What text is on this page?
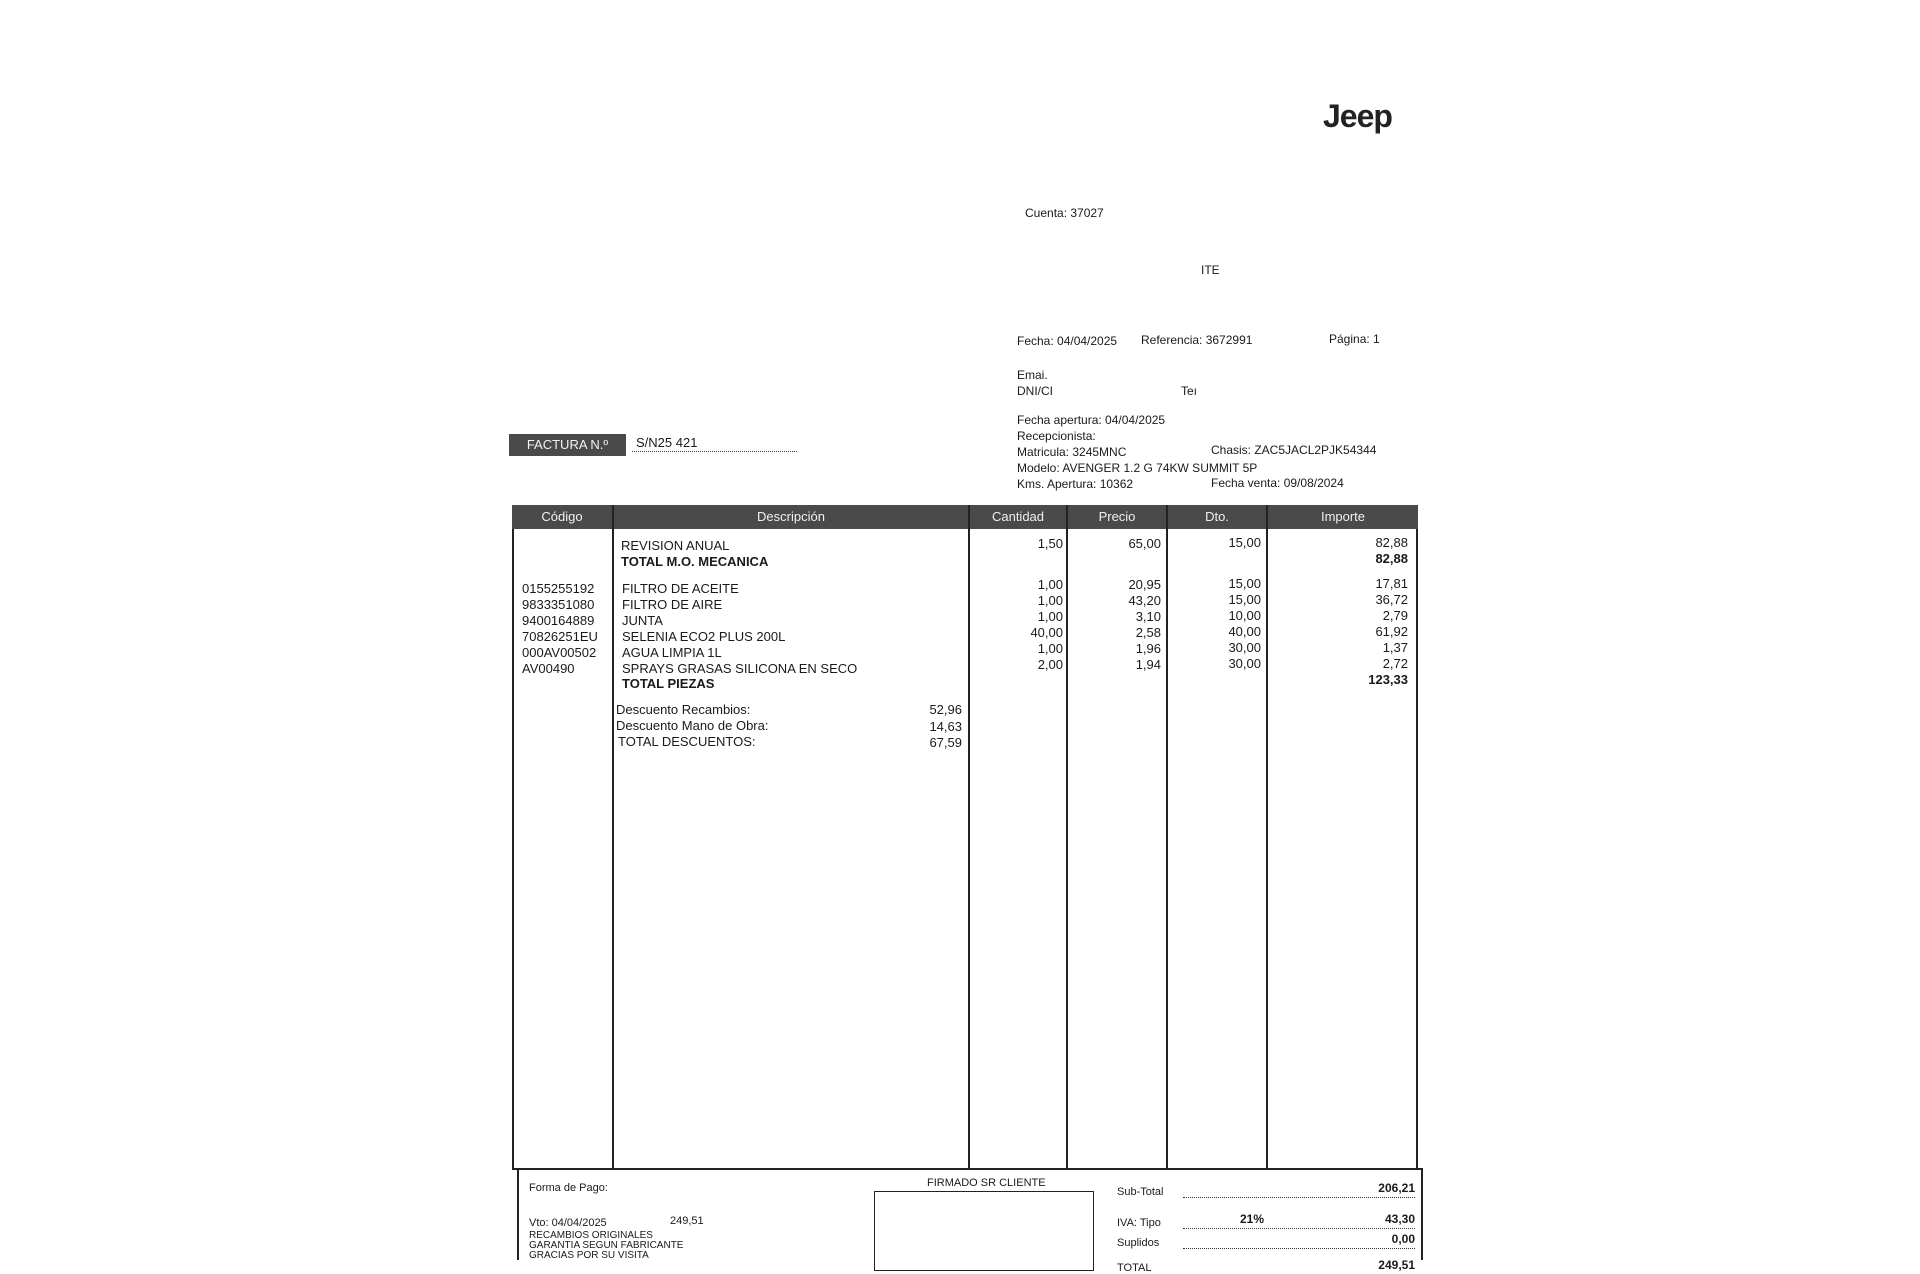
Jeep
Cuenta: 37027
ITE
Fecha: 04/04/2025 Referencia: 3672991	Página: 1
Emai.
DNI/CI	Teı
Fecha apertura: 04/04/2025
Recepcionista:
Matricula: 3245MNC	Chasis: ZAC5JACL2PJK54344
Modelo: AVENGER 1.2 G 74KW SUMMIT 5P
Kms. Apertura: 10362	Fecha venta: 09/08/2024
FACTURA N.º	S/N25 421
Código	Descripción	Cantidad	Precio	Dto.	Importe
REVISION ANUAL	1,50	65,00	15,00	82,88
TOTAL M.O. MECANICA	82,88
0155255192 FILTRO DE ACEITE	1,00	20,95	15,00	17,81
9833351080 FILTRO DE AIRE	1,00	43,20	15,00	36,72
9400164889 JUNTA	1,00	3,10	10,00	2,79
70826251EU SELENIA ECO2 PLUS 200L	40,00	2,58	40,00	61,92
000AV00502 AGUA LIMPIA 1L	1,00	1,96	30,00	1,37
AV00490	SPRAYS GRASAS SILICONA EN SECO	2,00	1,94	30,00	2,72
TOTAL PIEZAS	123,33
Descuento Recambios:	52,96
Descuento Mano de Obra:	14,63
TOTAL DESCUENTOS:	67,59
Forma de Pago:
Vto: 04/04/2025	249,51
RECAMBIOS ORIGINALES
GARANTIA SEGUN FABRICANTE
GRACIAS POR SU VISITA
FIRMADO SR CLIENTE
Sub-Total	206,21
IVA: Tipo	21%	43,30
Suplidos	0,00
TOTAL	249,51
